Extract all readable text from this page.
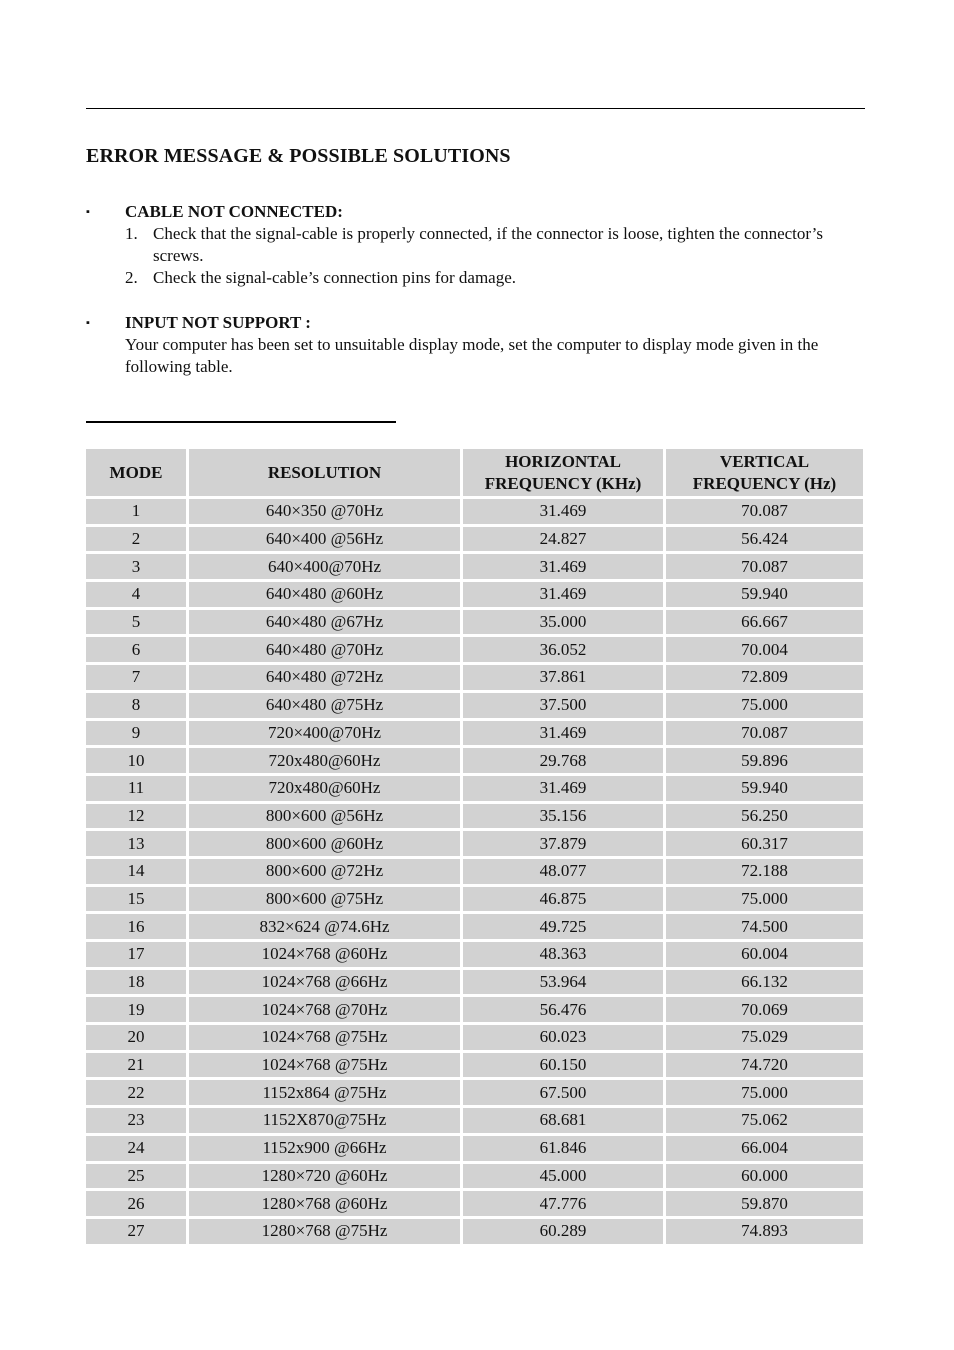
ERROR MESSAGE & POSSIBLE SOLUTIONS
▪ CABLE NOT CONNECTED:
1. Check that the signal-cable is properly connected, if the connector is loose, tighten the connector’s screws.
2. Check the signal-cable’s connection pins for damage.
▪ INPUT NOT SUPPORT :
Your computer has been set to unsuitable display mode, set the computer to display mode given in the following table.
MODE	RESOLUTION	HORIZONTAL FREQUENCY (KHz)	VERTICAL FREQUENCY (Hz)
1	640×350 @70Hz	31.469	70.087
2	640×400 @56Hz	24.827	56.424
3	640×400@70Hz	31.469	70.087
4	640×480 @60Hz	31.469	59.940
5	640×480 @67Hz	35.000	66.667
6	640×480 @70Hz	36.052	70.004
7	640×480 @72Hz	37.861	72.809
8	640×480 @75Hz	37.500	75.000
9	720×400@70Hz	31.469	70.087
10	720x480@60Hz	29.768	59.896
11	720x480@60Hz	31.469	59.940
12	800×600 @56Hz	35.156	56.250
13	800×600 @60Hz	37.879	60.317
14	800×600 @72Hz	48.077	72.188
15	800×600 @75Hz	46.875	75.000
16	832×624 @74.6Hz	49.725	74.500
17	1024×768 @60Hz	48.363	60.004
18	1024×768 @66Hz	53.964	66.132
19	1024×768 @70Hz	56.476	70.069
20	1024×768 @75Hz	60.023	75.029
21	1024×768 @75Hz	60.150	74.720
22	1152x864 @75Hz	67.500	75.000
23	1152X870@75Hz	68.681	75.062
24	1152x900 @66Hz	61.846	66.004
25	1280×720 @60Hz	45.000	60.000
26	1280×768 @60Hz	47.776	59.870
27	1280×768 @75Hz	60.289	74.893
